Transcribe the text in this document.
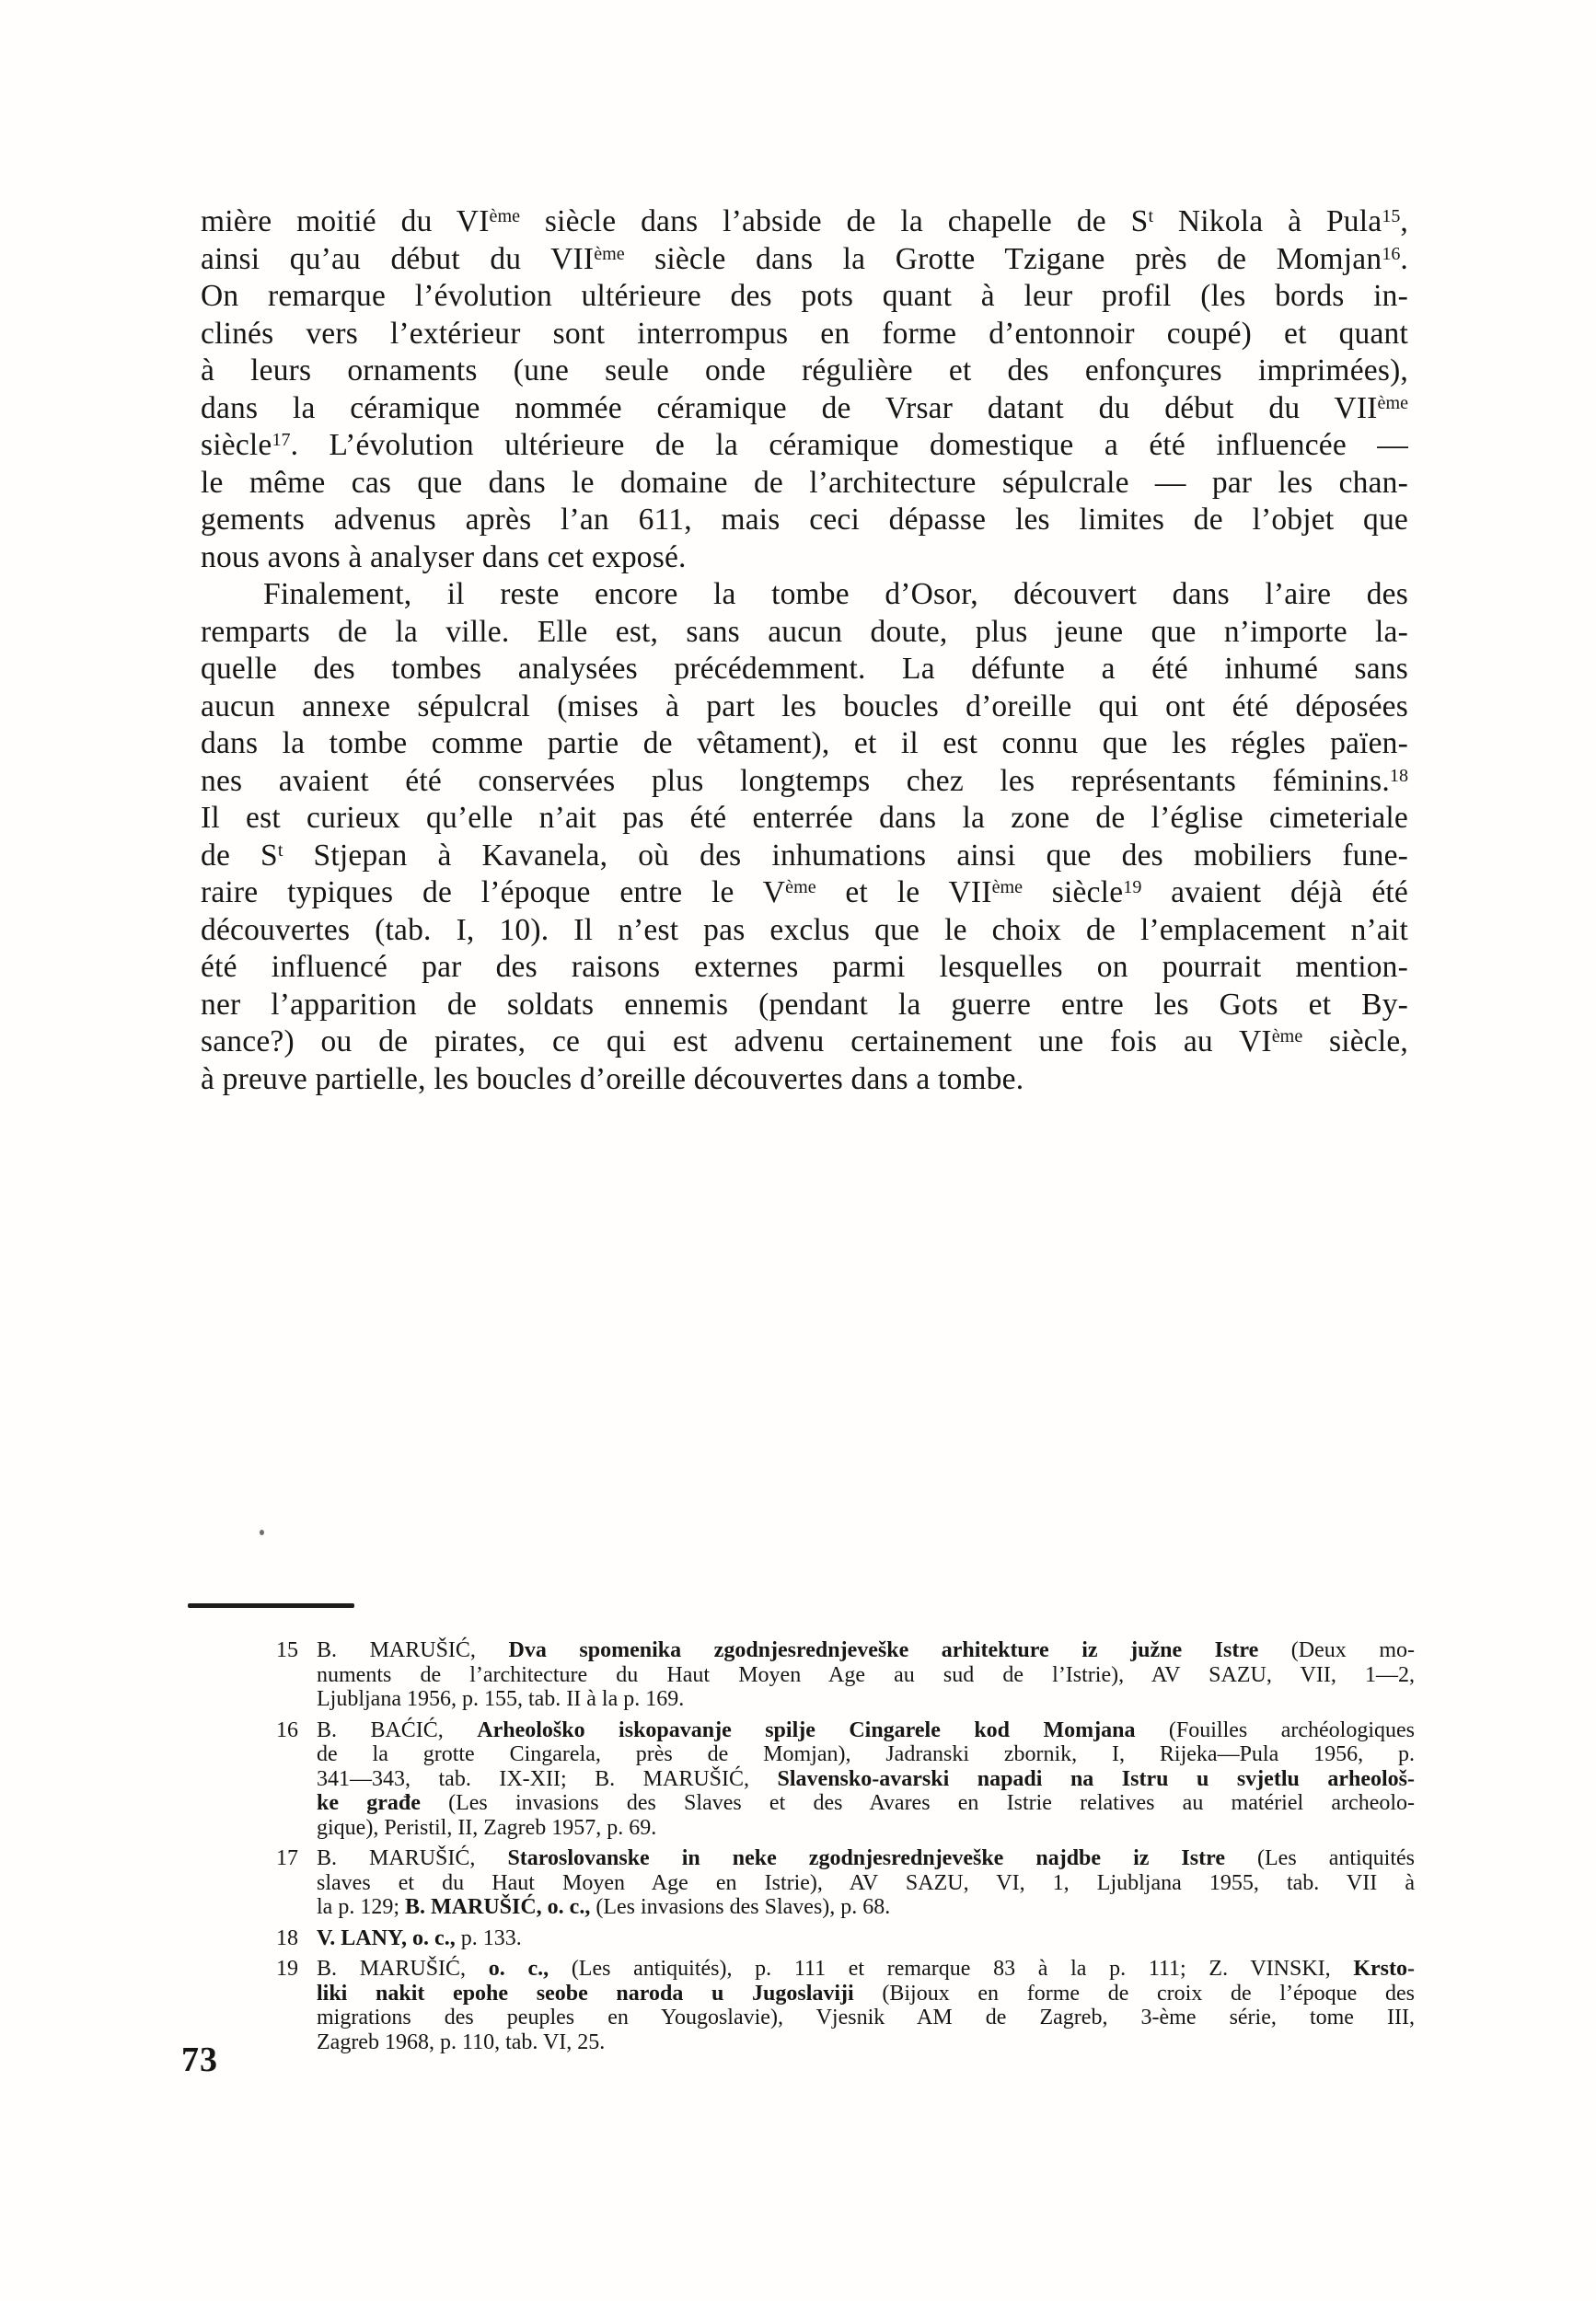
mière moitié du VIème siècle dans l’abside de la chapelle de $S^t$ Nikola à Pula$^{15}$,
ainsi qu’au début du VIIème siècle dans la Grotte Tzigane près de Momjan$^{16}$.
On remarque l’évolution ultérieure des pots quant à leur profil (les bords in-
clinés vers l’extérieur sont interrompus en forme d’entonnoir coupé) et quant
à leurs ornaments (une seule onde régulière et des enfonçures imprimées),
dans la céramique nommée céramique de Vrsar datant du début du VIIème
siècle$^{17}$. L’évolution ultérieure de la céramique domestique a été influencée —
le même cas que dans le domaine de l’architecture sépulcrale — par les chan-
gements advenus après l’an 611, mais ceci dépasse les limites de l’objet que
nous avons à analyser dans cet exposé.
Finalement, il reste encore la tombe d’Osor, découvert dans l’aire des
remparts de la ville. Elle est, sans aucun doute, plus jeune que n’importe la-
quelle des tombes analysées précédemment. La défunte a été inhumé sans
aucun annexe sépulcral (mises à part les boucles d’oreille qui ont été déposées
dans la tombe comme partie de vêtament), et il est connu que les régles païen-
nes avaient été conservées plus longtemps chez les représentants féminins.$^{18}$
Il est curieux qu’elle n’ait pas été enterrée dans la zone de l’église cimeteriale
de $S^t$ Stjepan à Kavanela, où des inhumations ainsi que des mobiliers fune-
raire typiques de l’époque entre le Vème et le VIIème siècle$^{19}$ avaient déjà été
découvertes (tab. I, 10). Il n’est pas exclus que le choix de l’emplacement n’ait
été influencé par des raisons externes parmi lesquelles on pourrait mention-
ner l’apparition de soldats ennemis (pendant la guerre entre les Gots et By-
sance?) ou de pirates, ce qui est advenu certainement une fois au VIème siècle,
à preuve partielle, les boucles d’oreille découvertes dans a tombe.
15 B. MARUŠIĆ, Dva spomenika zgodnjesrednjeveške arhitekture iz južne Istre (Deux mo-
numents de l’architecture du Haut Moyen Age au sud de l’Istrie), AV SAZU, VII, 1—2,
Ljubljana 1956, p. 155, tab. II à la p. 169.
16 B. BAĆIĆ, Arheološko iskopavanje spilje Cingarele kod Momjana (Fouilles archéologiques
de la grotte Cingarela, près de Momjan), Jadranski zbornik, I, Rijeka—Pula 1956, p.
341—343, tab. IX-XII; B. MARUŠIĆ, Slavensko-avarski napadi na Istru u svjetlu arheološ-
ke građe (Les invasions des Slaves et des Avares en Istrie relatives au matériel archeolo-
gique), Peristil, II, Zagreb 1957, p. 69.
17 B. MARUŠIĆ, Staroslovanske in neke zgodnjesrednjeveške najdbe iz Istre (Les antiquités
slaves et du Haut Moyen Age en Istrie), AV SAZU, VI, 1, Ljubljana 1955, tab. VII à
la p. 129; B. MARUŠIĆ, o. c., (Les invasions des Slaves), p. 68.
18 V. LANY, o. c., p. 133.
19 B. MARUŠIĆ, o. c., (Les antiquités), p. 111 et remarque 83 à la p. 111; Z. VINSKI, Krsto-
liki nakit epohe seobe naroda u Jugoslaviji (Bijoux en forme de croix de l’époque des
migrations des peuples en Yougoslavie), Vjesnik AM de Zagreb, 3-ème série, tome III,
Zagreb 1968, p. 110, tab. VI, 25.
73
